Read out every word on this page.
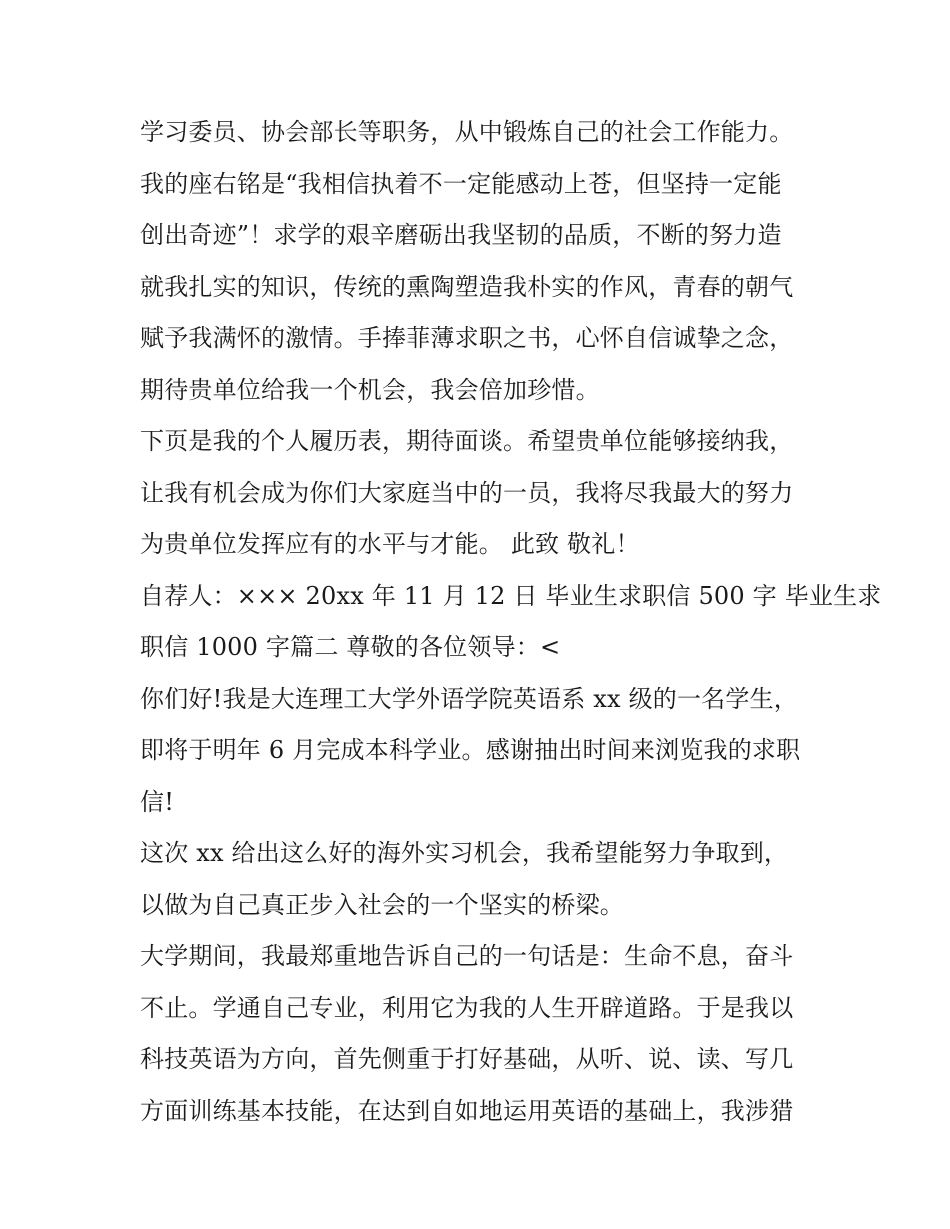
学习委员、协会部长等职务，从中锻炼自己的社会工作能力。
我的座右铭是“我相信执着不一定能感动上苍，但坚持一定能
创出奇迹”！求学的艰辛磨砺出我坚韧的品质，不断的努力造
就我扎实的知识，传统的熏陶塑造我朴实的作风，青春的朝气
赋予我满怀的激情。手捧菲薄求职之书，心怀自信诚挚之念，
期待贵单位给我一个机会，我会倍加珍惜。
下页是我的个人履历表，期待面谈。希望贵单位能够接纳我，
让我有机会成为你们大家庭当中的一员，我将尽我最大的努力
为贵单位发挥应有的水平与才能。 此致 敬礼！
自荐人：××× 20xx 年 11 月 12 日 毕业生求职信 500 字 毕业生求
职信 1000 字篇二 尊敬的各位领导：<
你们好!我是大连理工大学外语学院英语系 xx 级的一名学生，
即将于明年 6 月完成本科学业。感谢抽出时间来浏览我的求职
信!
这次 xx 给出这么好的海外实习机会，我希望能努力争取到，
以做为自己真正步入社会的一个坚实的桥梁。
大学期间，我最郑重地告诉自己的一句话是：生命不息，奋斗
不止。学通自己专业，利用它为我的人生开辟道路。于是我以
科技英语为方向，首先侧重于打好基础，从听、说、读、写几
方面训练基本技能，在达到自如地运用英语的基础上，我涉猎
